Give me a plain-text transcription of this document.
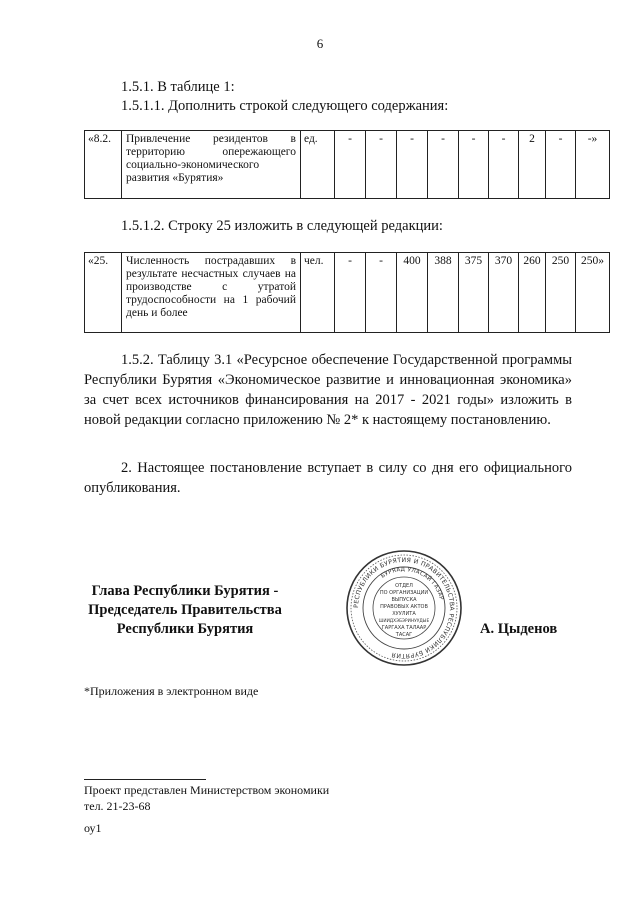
6
1.5.1. В таблице 1:
1.5.1.1. Дополнить строкой следующего содержания:
«8.2.	Привлечение резидентов в территорию опережающего социально-экономического развития «Бурятия»	ед.	-	-	-	-	-	-	2	-	-»
1.5.1.2. Строку 25 изложить в следующей редакции:
«25.	Численность пострадавших в результате несчастных случаев на производстве с утратой трудоспособности на 1 рабочий день и более	чел.	-	-	400	388	375	370	260	250	250»
1.5.2. Таблицу 3.1 «Ресурсное обеспечение Государственной программы Республики Бурятия «Экономическое развитие и инновационная экономика» за счет всех источников финансирования на 2017 - 2021 годы» изложить в новой редакции согласно приложению № 2* к настоящему постановлению.
2. Настоящее постановление вступает в силу со дня его официального опубликования.
Глава Республики Бурятия -
Председатель Правительства
Республики Бурятия
РЕСПУБЛИКИ БУРЯТИЯ И ПРАВИТЕЛЬСТВА РЕСПУБЛИКИ БУРЯТИЯ
БУРЯАД УЛАСАЙ ГАЗАР
ОТДЕЛ
ПО ОРГАНИЗАЦИИ
ВЫПУСКА
ПРАВОВЫХ АКТОВ
ХУУЛИТА
ШИИДХЭБЭРИНУУДЫЕ
ГАРГАХА ТАЛААР
ТАСАГ	А. Цыденов
*Приложения в электронном виде
Проект представлен Министерством экономики
тел. 21-23-68
оу1
